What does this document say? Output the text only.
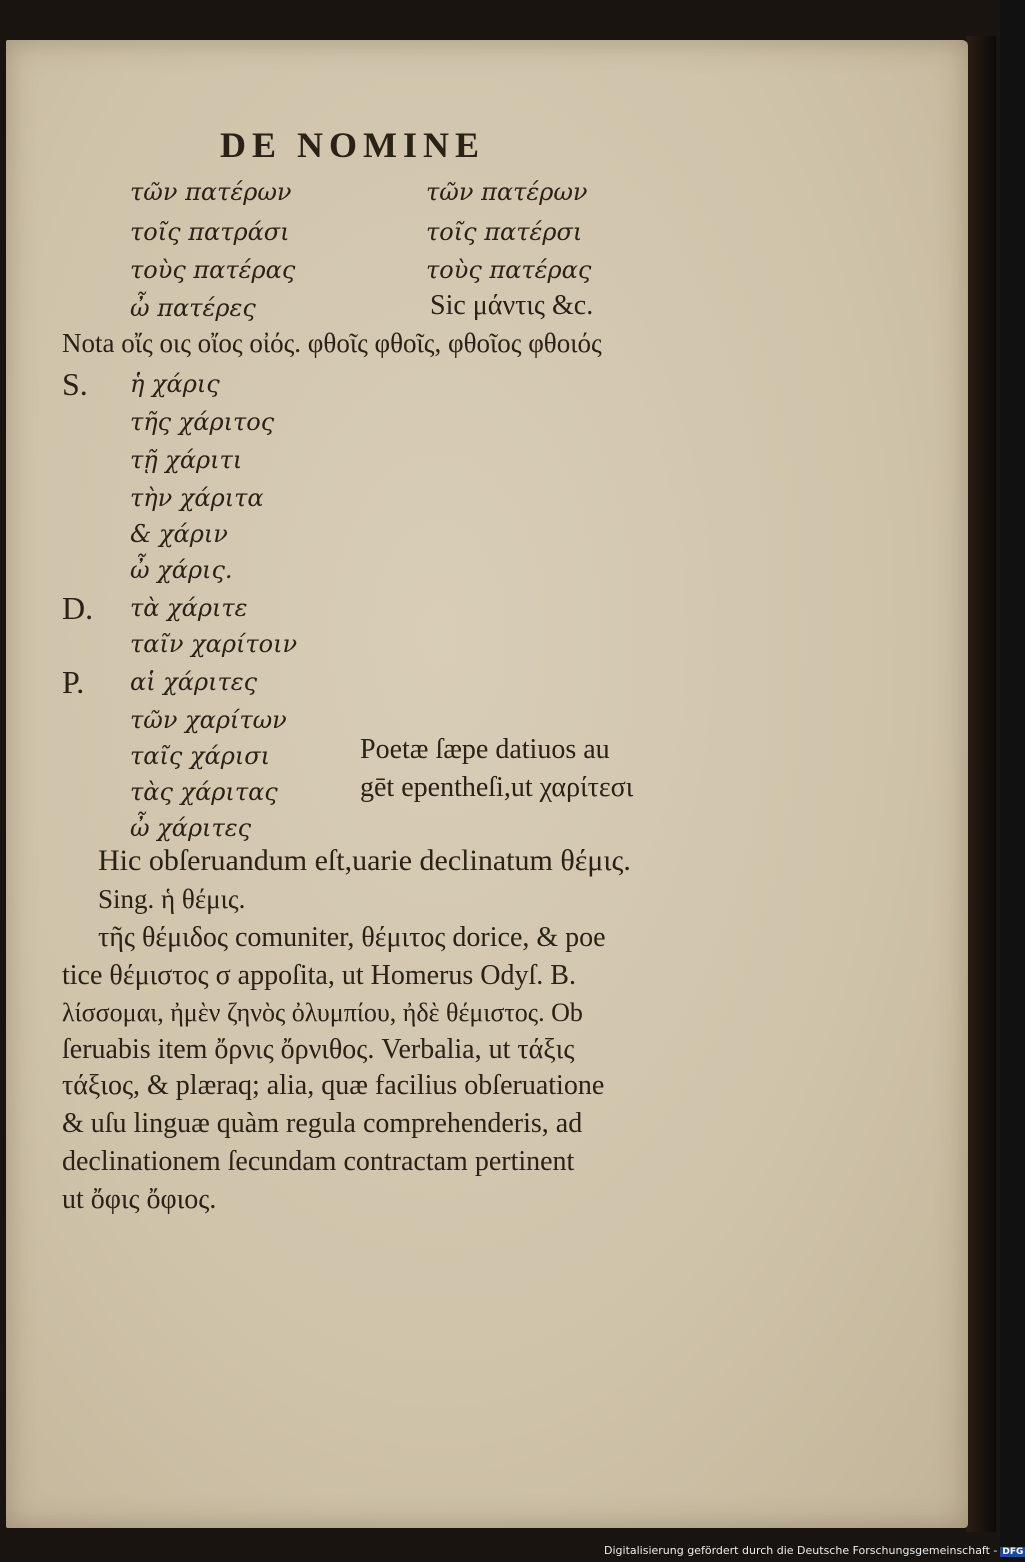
DE NOMINE
τῶν πατέρων
τοῖς πατράσι
τοὺς πατέρας
ὦ πατέρες
τῶν πατέρων
τοῖς πατέρσι
τοὺς πατέρας
Sic μάντις &c.
Nota οἴς οις οἴος οἰός. φθοῖς φθοῖς, φθοῖος φθοιός
S.
D.
P.
ἡ χάρις
τῆς χάριτος
τῇ χάριτι
τὴν χάριτα
& χάριν
ὦ χάρις.
τὰ χάριτε
ταῖν χαρίτοιν
αἱ χάριτες
τῶν χαρίτων
ταῖς χάρισι
τὰς χάριτας
ὦ χάριτες
Poetæ ſæpe datiuos au
gēt epentheſi,ut χαρίτεσι
Hic obſeruandum eſt,uarie declinatum θέμις.
Sing. ἡ θέμις.
τῆς θέμιδος comuniter, θέμιτος dorice, & poe
tice θέμιστος σ appoſita, ut Homerus Odyſ. B.
λίσσομαι, ἠμὲν ζηνὸς ὀλυμπίου, ἠδὲ θέμιστος. Ob
ſeruabis item ὄρνις ὄρνιθος. Verbalia, ut τάξις
τάξιος, & plæraq; alia, quæ facilius obſeruatione
& uſu linguæ quàm regula comprehenderis, ad
declinationem ſecundam contractam pertinent
ut ὄφις ὄφιος.
Digitalisierung gefördert durch die Deutsche Forschungsgemeinschaft - DFG
